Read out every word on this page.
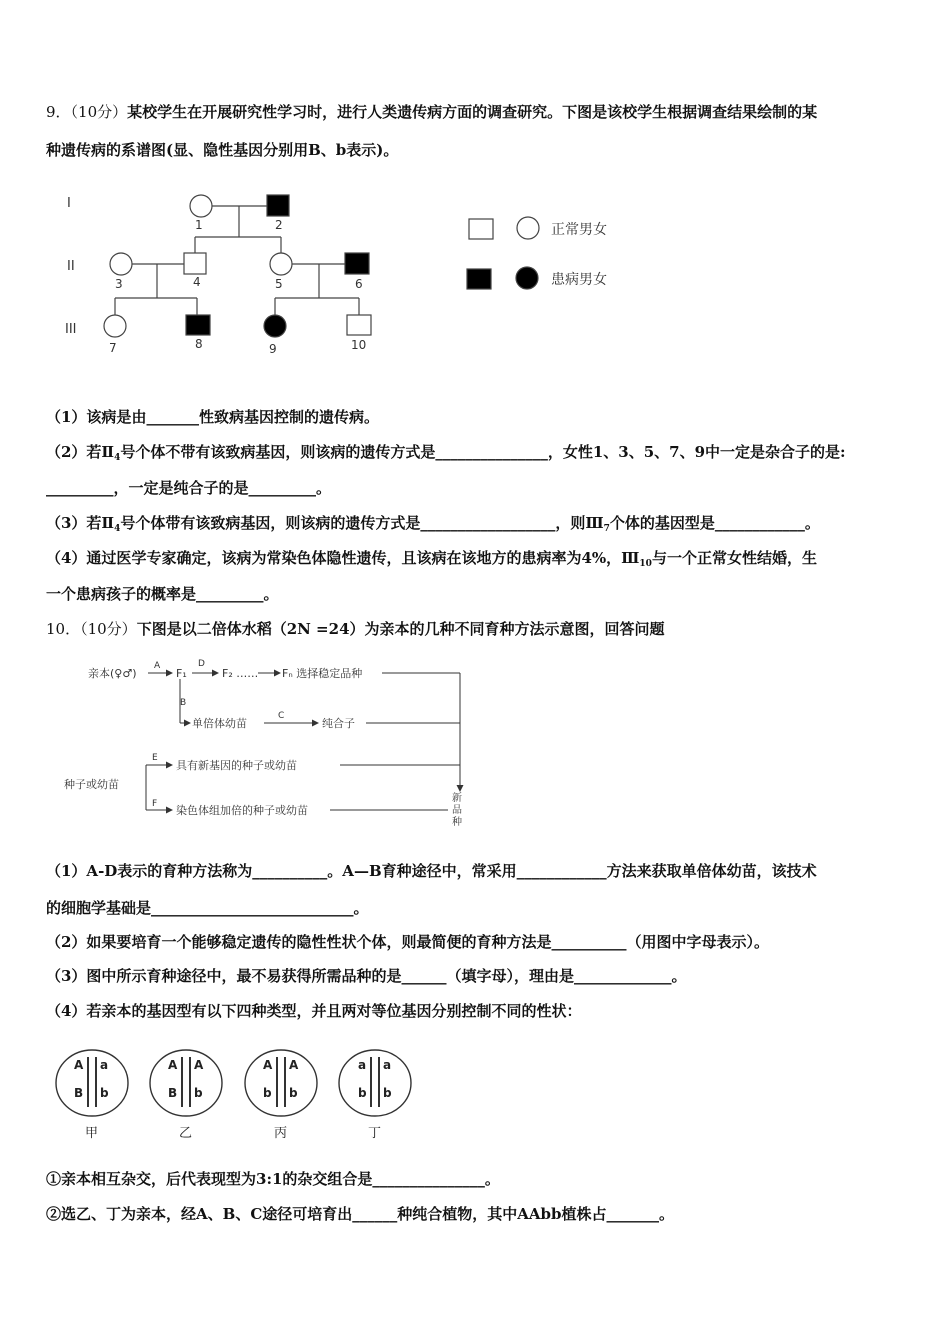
9．（10分）某校学生在开展研究性学习时，进行人类遗传病方面的调查研究。下图是该校学生根据调查结果绘制的某
种遗传病的系谱图(显、隐性基因分别用B、b表示)。
I
II
III
1	2
3	4	5	6
7	8	9	10
正常男女
患病男女
（1）该病是由_______性致病基因控制的遗传病。
（2）若$Ⅱ_4$号个体不带有该致病基因，则该病的遗传方式是_______________，女性1、3、5、7、9中一定是杂合子的是:
_________，一定是纯合子的是_________。
（3）若$Ⅱ_4$号个体带有该致病基因，则该病的遗传方式是__________________，则$Ⅲ_7$个体的基因型是____________。
（4）通过医学专家确定，该病为常染色体隐性遗传，且该病在该地方的患病率为4%，$Ⅲ_{10}$与一个正常女性结婚，生
一个患病孩子的概率是_________。
10．（10分）下图是以二倍体水稻（2N =24）为亲本的几种不同育种方法示意图，回答问题
亲本(♀♂)
A
F₁
D
F₂ …… Fₙ 选择稳定品种
B
单倍体幼苗
C
纯合子
种子或幼苗
E
具有新基因的种子或幼苗
F 染色体组加倍的种子或幼苗
新
品
种
（1）A-D表示的育种方法称为__________。A—B育种途径中，常采用____________方法来获取单倍体幼苗，该技术
的细胞学基础是___________________________。
（2）如果要培育一个能够稳定遗传的隐性性状个体，则最简便的育种方法是__________（用图中字母表示）。
（3）图中所示育种途径中，最不易获得所需品种的是______（填字母），理由是_____________。
（4）若亲本的基因型有以下四种类型，并且两对等位基因分别控制不同的性状：
A a
B b
A A
B b
A A
b b
a a
b b
甲	乙	丙	丁
①亲本相互杂交，后代表现型为3:1的杂交组合是_______________。
②选乙、丁为亲本，经A、B、C途径可培育出______种纯合植物，其中AAbb植株占_______。
